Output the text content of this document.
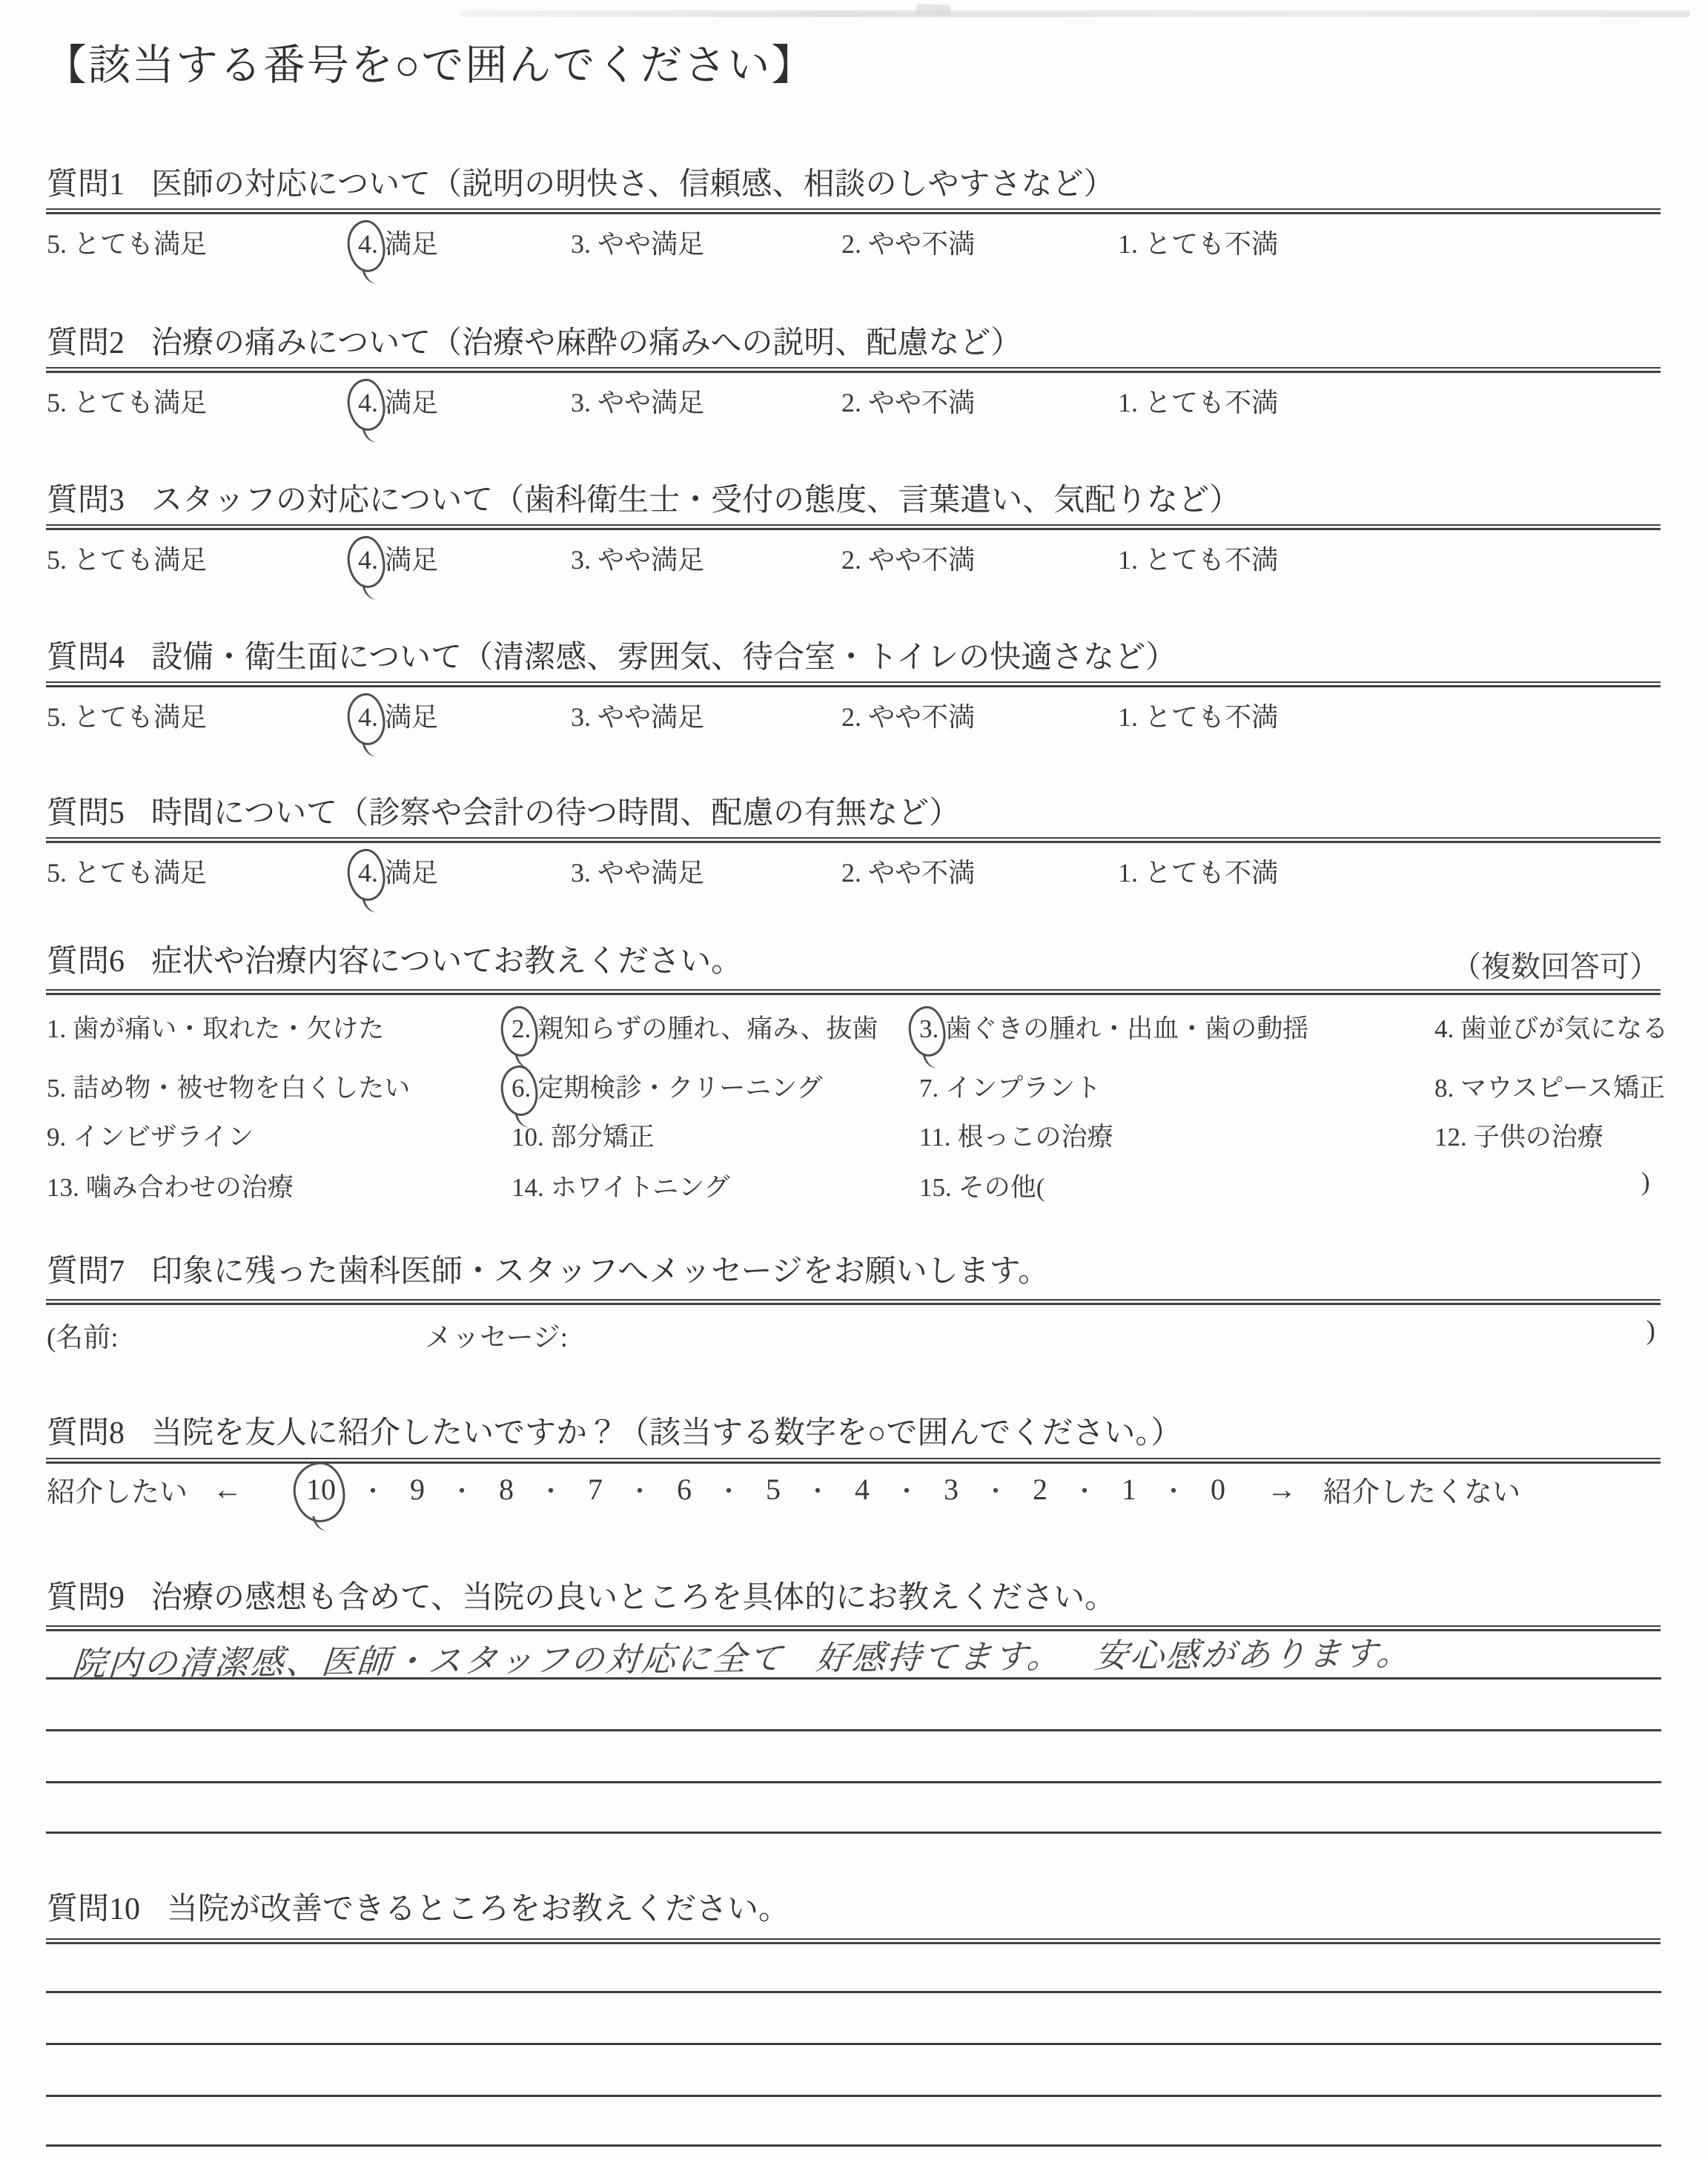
【該当する番号を○で囲んでください】
質問1 医師の対応について（説明の明快さ、信頼感、相談のしやすさなど）
5. とても満足	4. 満足	3. やや満足	2. やや不満	1. とても不満
質問2 治療の痛みについて（治療や麻酔の痛みへの説明、配慮など）
5. とても満足	4. 満足	3. やや満足	2. やや不満	1. とても不満
質問3 スタッフの対応について（歯科衛生士・受付の態度、言葉遣い、気配りなど）
5. とても満足	4. 満足	3. やや満足	2. やや不満	1. とても不満
質問4 設備・衛生面について（清潔感、雰囲気、待合室・トイレの快適さなど）
5. とても満足	4. 満足	3. やや満足	2. やや不満	1. とても不満
質問5 時間について（診察や会計の待つ時間、配慮の有無など）
5. とても満足	4. 満足	3. やや満足	2. やや不満	1. とても不満
質問6 症状や治療内容についてお教えください。	（複数回答可）
1. 歯が痛い・取れた・欠けた	2. 親知らずの腫れ、痛み、抜歯 3. 歯ぐきの腫れ・出血・歯の動揺	4. 歯並びが気になる
5. 詰め物・被せ物を白くしたい	6. 定期検診・クリーニング	7. インプラント	8. マウスピース矯正
9. インビザライン	10. 部分矯正	11. 根っこの治療	12. 子供の治療
13. 噛み合わせの治療	14. ホワイトニング	15. その他(	)
質問7 印象に残った歯科医師・スタッフへメッセージをお願いします。
(名前:	メッセージ:	)
質問8 当院を友人に紹介したいですか？（該当する数字を○で囲んでください。）
紹介したい ← 10 ・ 9 ・ 8 ・ 7 ・ 6 ・ 5 ・ 4 ・ 3 ・ 2 ・ 1 ・ 0 → 紹介したくない
質問9 治療の感想も含めて、当院の良いところを具体的にお教えください。
院内の清潔感、医師・スタッフの対応に全て 好感持てます。 安心感があります。
質問10 当院が改善できるところをお教えください。
